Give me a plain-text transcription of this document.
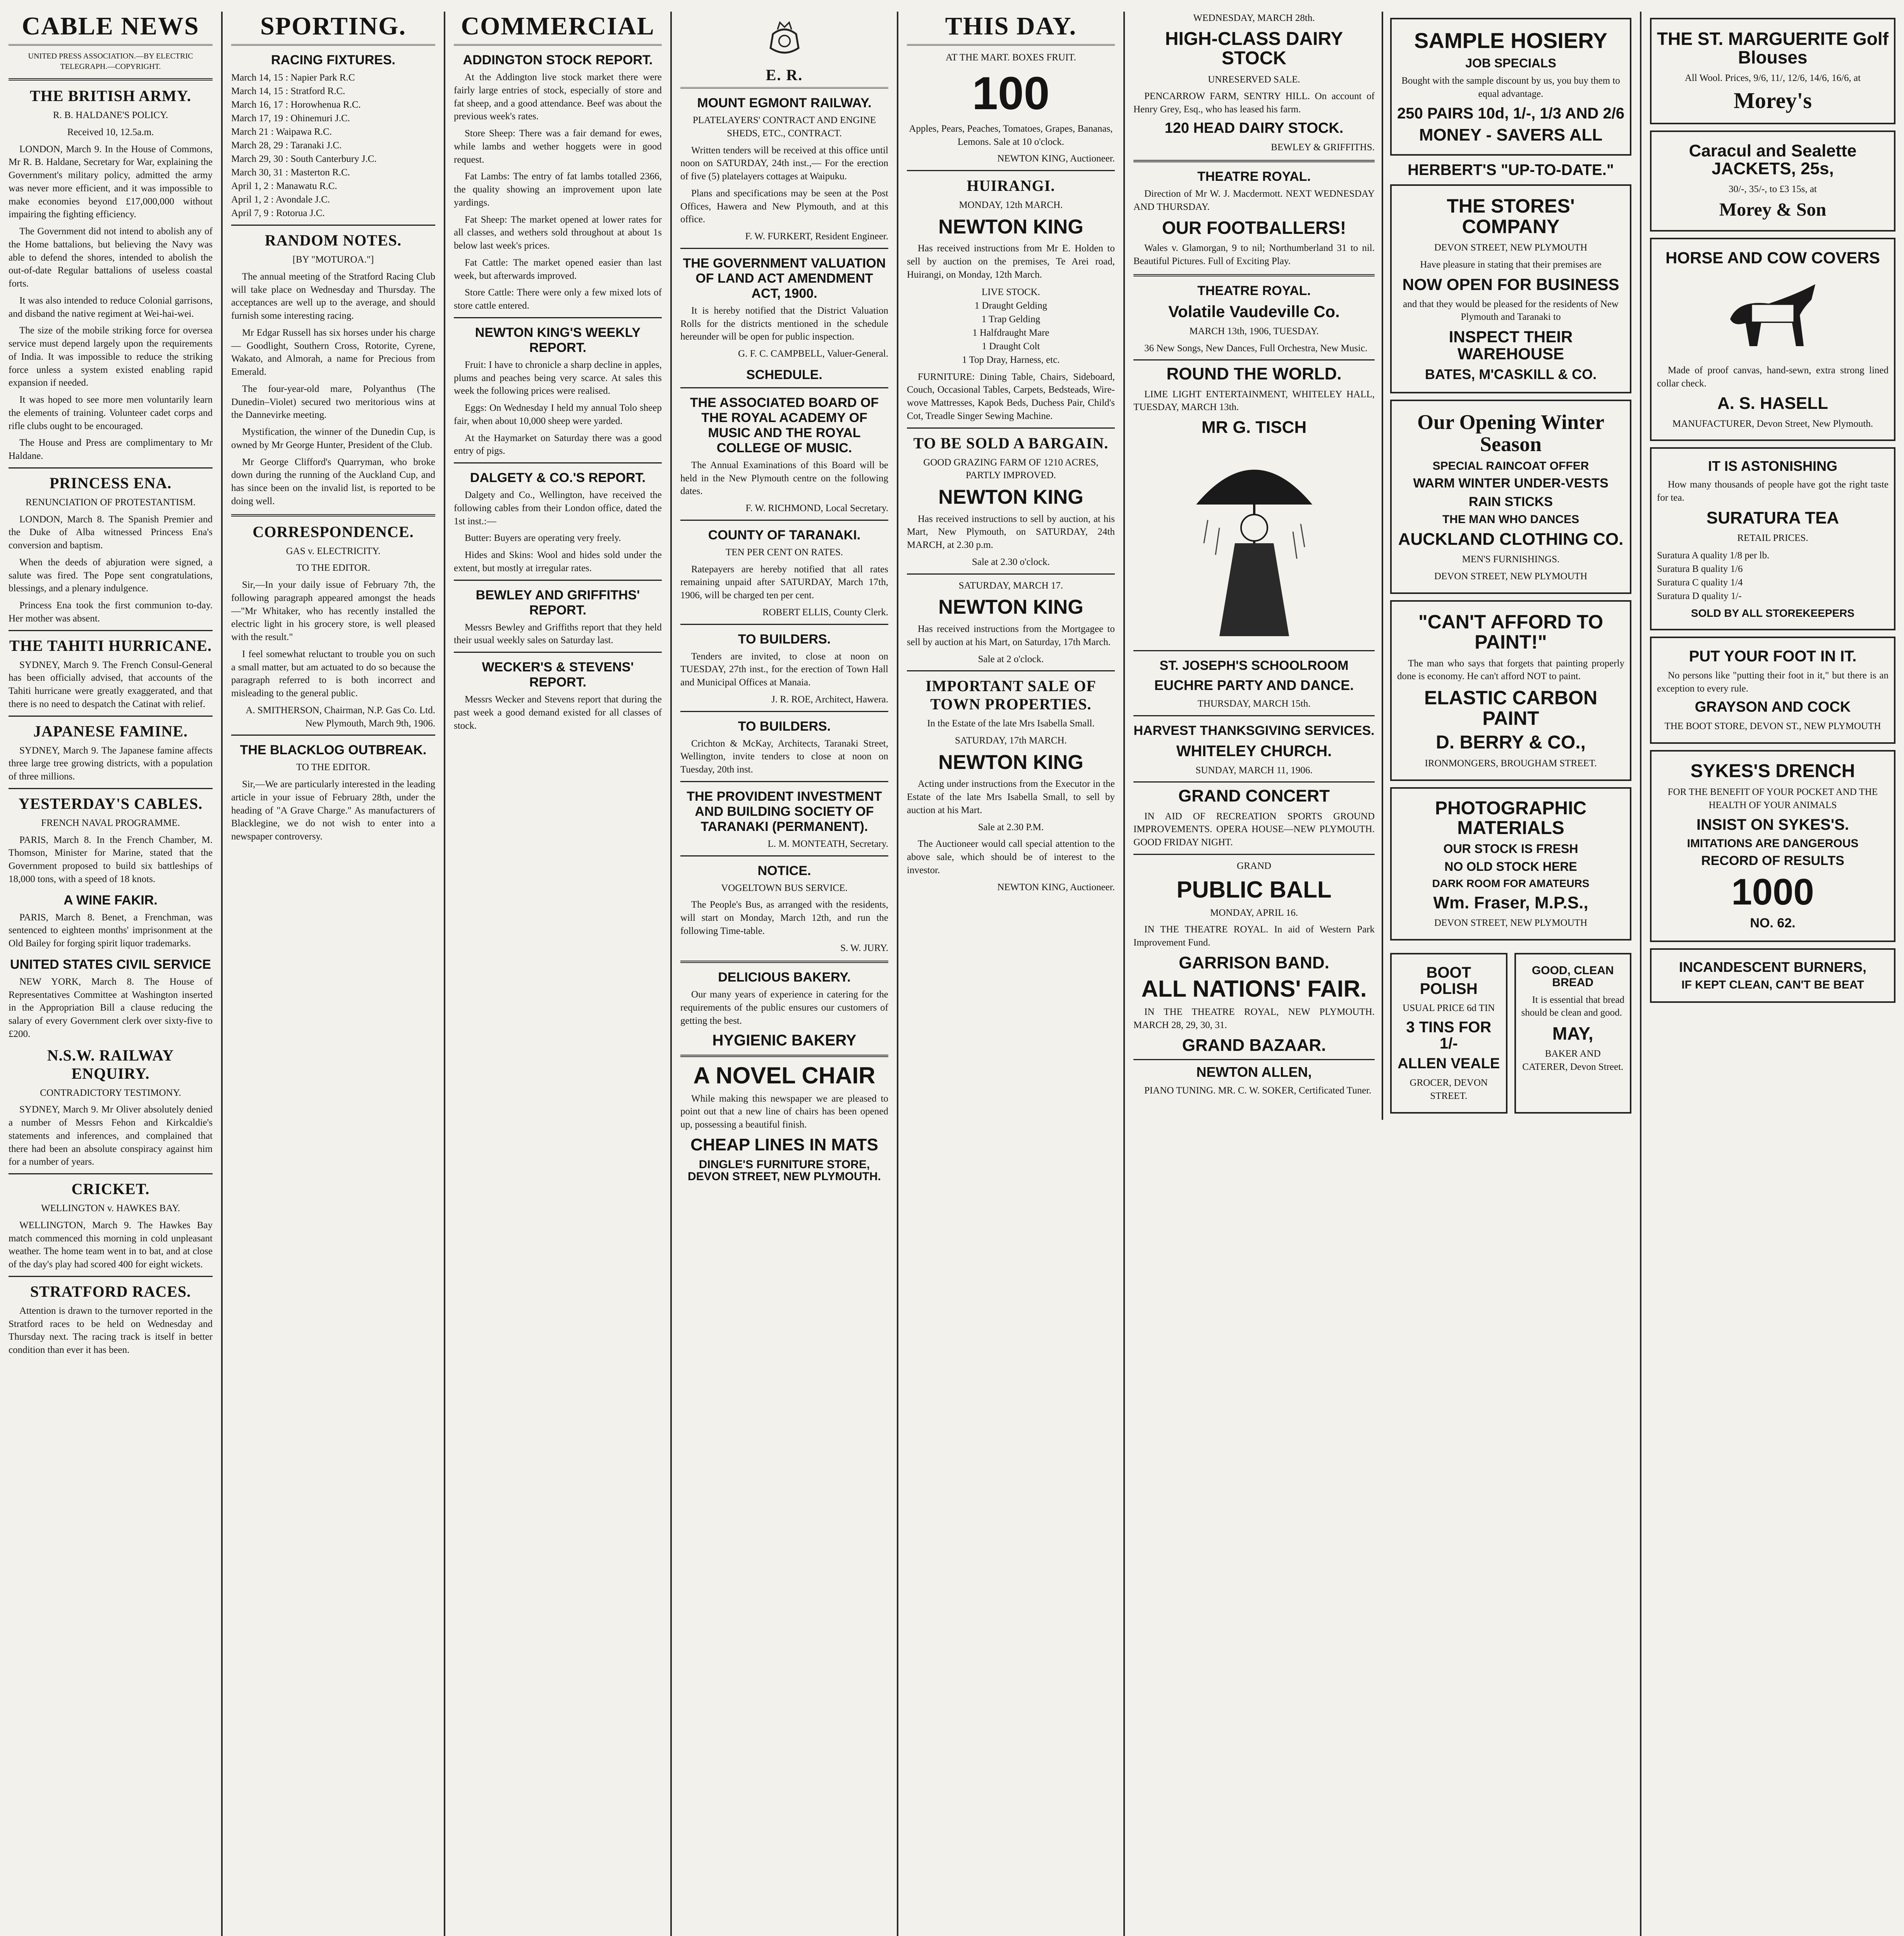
CABLE NEWS

UNITED PRESS ASSOCIATION.—BY ELECTRIC TELEGRAPH.—COPYRIGHT.

THE BRITISH ARMY.

R. B. HALDANE'S POLICY.

Received 10, 12.5a.m.

LONDON, March 9. In the House of Commons, Mr R. B. Haldane, Secretary for War, explaining the Government's military policy, admitted the army was never more efficient, and it was impossible to make economies beyond £17,000,000 without impairing the fighting efficiency.

The Government did not intend to abolish any of the Home battalions, but believing the Navy was able to defend the shores, intended to abolish the out-of-date Regular battalions of useless coastal forts.

It was also intended to reduce Colonial garrisons, and disband the native regiment at Wei-hai-wei.

The size of the mobile striking force for oversea service must depend largely upon the requirements of India. It was impossible to reduce the striking force unless a system existed enabling rapid expansion if needed.

It was hoped to see more men voluntarily learn the elements of training. Volunteer cadet corps and rifle clubs ought to be encouraged.

The House and Press are complimentary to Mr Haldane.

PRINCESS ENA.

RENUNCIATION OF PROTESTANTISM.

LONDON, March 8. The Spanish Premier and the Duke of Alba witnessed Princess Ena's conversion and baptism.

When the deeds of abjuration were signed, a salute was fired. The Pope sent congratulations, blessings, and a plenary indulgence.

Princess Ena took the first communion to-day. Her mother was absent.

THE TAHITI HURRICANE.

SYDNEY, March 9. The French Consul-General has been officially advised, that accounts of the Tahiti hurricane were greatly exaggerated, and that there is no need to despatch the Catinat with relief.

JAPANESE FAMINE.

SYDNEY, March 9. The Japanese famine affects three large tree growing districts, with a population of three millions.

YESTERDAY'S CABLES.

FRENCH NAVAL PROGRAMME.

PARIS, March 8. In the French Chamber, M. Thomson, Minister for Marine, stated that the Government proposed to build six battleships of 18,000 tons, with a speed of 18 knots.

A WINE FAKIR.

PARIS, March 8. Benet, a Frenchman, was sentenced to eighteen months' imprisonment at the Old Bailey for forging spirit liquor trademarks.

UNITED STATES CIVIL SERVICE

NEW YORK, March 8. The House of Representatives Committee at Washington inserted in the Appropriation Bill a clause reducing the salary of every Government clerk over sixty-five to £200.

N.S.W. RAILWAY ENQUIRY.

CONTRADICTORY TESTIMONY.

SYDNEY, March 9. Mr Oliver absolutely denied a number of Messrs Fehon and Kirkcaldie's statements and inferences, and complained that there had been an absolute conspiracy against him for a number of years.

CRICKET.

WELLINGTON v. HAWKES BAY.

WELLINGTON, March 9. The Hawkes Bay match commenced this morning in cold unpleasant weather. The home team went in to bat, and at close of the day's play had scored 400 for eight wickets.

STRATFORD RACES.

Attention is drawn to the turnover reported in the Stratford races to be held on Wednesday and Thursday next. The racing track is itself in better condition than ever it has been.

SPORTING.
RACING FIXTURES.
March 14, 15 : Napier Park R.C
March 14, 15 : Stratford R.C.
March 16, 17 : Horowhenua R.C.
March 17, 19 : Ohinemuri J.C.
March 21 : Waipawa R.C.
March 28, 29 : Taranaki J.C.
March 29, 30 : South Canterbury J.C.
March 30, 31 : Masterton R.C.
April 1, 2 : Manawatu R.C.
April 1, 2 : Avondale J.C.
April 7, 9 : Rotorua J.C.
RANDOM NOTES.

[BY "MOTUROA."]

The annual meeting of the Stratford Racing Club will take place on Wednesday and Thursday. The acceptances are well up to the average, and should furnish some interesting racing.

Mr Edgar Russell has six horses under his charge — Goodlight, Southern Cross, Rotorite, Cyrene, Wakato, and Almorah, a name for Precious from Emerald.

The four-year-old mare, Polyanthus (The Dunedin–Violet) secured two meritorious wins at the Dannevirke meeting.

Mystification, the winner of the Dunedin Cup, is owned by Mr George Hunter, President of the Club.

Mr George Clifford's Quarryman, who broke down during the running of the Auckland Cup, and has since been on the invalid list, is reported to be doing well.

CORRESPONDENCE.

GAS v. ELECTRICITY.

TO THE EDITOR.

Sir,—In your daily issue of February 7th, the following paragraph appeared amongst the heads—"Mr Whitaker, who has recently installed the electric light in his grocery store, is well pleased with the result."

I feel somewhat reluctant to trouble you on such a small matter, but am actuated to do so because the paragraph referred to is both incorrect and misleading to the general public.

A. SMITHERSON, Chairman, N.P. Gas Co. Ltd. New Plymouth, March 9th, 1906.

THE BLACKLOG OUTBREAK.

TO THE EDITOR.

Sir,—We are particularly interested in the leading article in your issue of February 28th, under the heading of "A Grave Charge." As manufacturers of Blacklegine, we do not wish to enter into a newspaper controversy.

COMMERCIAL
ADDINGTON STOCK REPORT.

At the Addington live stock market there were fairly large entries of stock, especially of store and fat sheep, and a good attendance. Beef was about the previous week's rates.

Store Sheep: There was a fair demand for ewes, while lambs and wether hoggets were in good request.

Fat Lambs: The entry of fat lambs totalled 2366, the quality showing an improvement upon late yardings.

Fat Sheep: The market opened at lower rates for all classes, and wethers sold throughout at about 1s below last week's prices.

Fat Cattle: The market opened easier than last week, but afterwards improved.

Store Cattle: There were only a few mixed lots of store cattle entered.

NEWTON KING'S WEEKLY REPORT.

Fruit: I have to chronicle a sharp decline in apples, plums and peaches being very scarce. At sales this week the following prices were realised.

Eggs: On Wednesday I held my annual Tolo sheep fair, when about 10,000 sheep were yarded.

At the Haymarket on Saturday there was a good entry of pigs.

DALGETY & CO.'S REPORT.

Dalgety and Co., Wellington, have received the following cables from their London office, dated the 1st inst.:—

Butter: Buyers are operating very freely.

Hides and Skins: Wool and hides sold under the extent, but mostly at irregular rates.

BEWLEY AND GRIFFITHS' REPORT.

Messrs Bewley and Griffiths report that they held their usual weekly sales on Saturday last.

WECKER'S & STEVENS' REPORT.

Messrs Wecker and Stevens report that during the past week a good demand existed for all classes of stock.

E. R.
MOUNT EGMONT RAILWAY.

PLATELAYERS' CONTRACT AND ENGINE SHEDS, ETC., CONTRACT.

Written tenders will be received at this office until noon on SATURDAY, 24th inst.,— For the erection of five (5) platelayers cottages at Waipuku.

Plans and specifications may be seen at the Post Offices, Hawera and New Plymouth, and at this office.

F. W. FURKERT, Resident Engineer.

THE GOVERNMENT VALUATION OF LAND ACT AMENDMENT ACT, 1900.

It is hereby notified that the District Valuation Rolls for the districts mentioned in the schedule hereunder will be open for public inspection.

G. F. C. CAMPBELL, Valuer-General.

SCHEDULE.
THE ASSOCIATED BOARD OF THE ROYAL ACADEMY OF MUSIC AND THE ROYAL COLLEGE OF MUSIC.

The Annual Examinations of this Board will be held in the New Plymouth centre on the following dates.

F. W. RICHMOND, Local Secretary.

COUNTY OF TARANAKI.

TEN PER CENT ON RATES.

Ratepayers are hereby notified that all rates remaining unpaid after SATURDAY, March 17th, 1906, will be charged ten per cent.

ROBERT ELLIS, County Clerk.

TO BUILDERS.

Tenders are invited, to close at noon on TUESDAY, 27th inst., for the erection of Town Hall and Municipal Offices at Manaia.

J. R. ROE, Architect, Hawera.

TO BUILDERS.

Crichton & McKay, Architects, Taranaki Street, Wellington, invite tenders to close at noon on Tuesday, 20th inst.

THE PROVIDENT INVESTMENT AND BUILDING SOCIETY OF TARANAKI (PERMANENT).

L. M. MONTEATH, Secretary.

NOTICE.

VOGELTOWN BUS SERVICE.

The People's Bus, as arranged with the residents, will start on Monday, March 12th, and run the following Time-table.

S. W. JURY.

DELICIOUS BAKERY.

Our many years of experience in catering for the requirements of the public ensures our customers of getting the best.

HYGIENIC BAKERY
A NOVEL CHAIR

While making this newspaper we are pleased to point out that a new line of chairs has been opened up, possessing a beautiful finish.

CHEAP LINES IN MATS
DINGLE'S FURNITURE STORE, DEVON STREET, NEW PLYMOUTH.
THIS DAY.

AT THE MART. BOXES FRUIT.

100

Apples, Pears, Peaches, Tomatoes, Grapes, Bananas, Lemons. Sale at 10 o'clock.

NEWTON KING, Auctioneer.

HUIRANGI.

MONDAY, 12th MARCH.

NEWTON KING

Has received instructions from Mr E. Holden to sell by auction on the premises, Te Arei road, Huirangi, on Monday, 12th March.

LIVE STOCK.
1 Draught Gelding
1 Trap Gelding
1 Halfdraught Mare
1 Draught Colt
1 Top Dray, Harness, etc.

FURNITURE: Dining Table, Chairs, Sideboard, Couch, Occasional Tables, Carpets, Bedsteads, Wire-wove Mattresses, Kapok Beds, Duchess Pair, Child's Cot, Treadle Singer Sewing Machine.

TO BE SOLD A BARGAIN.

GOOD GRAZING FARM OF 1210 ACRES, PARTLY IMPROVED.

NEWTON KING

Has received instructions to sell by auction, at his Mart, New Plymouth, on SATURDAY, 24th MARCH, at 2.30 p.m.

Sale at 2.30 o'clock.

SATURDAY, MARCH 17.

NEWTON KING

Has received instructions from the Mortgagee to sell by auction at his Mart, on Saturday, 17th March.

Sale at 2 o'clock.

IMPORTANT SALE OF TOWN PROPERTIES.

In the Estate of the late Mrs Isabella Small.

SATURDAY, 17th MARCH.

NEWTON KING

Acting under instructions from the Executor in the Estate of the late Mrs Isabella Small, to sell by auction at his Mart.

Sale at 2.30 P.M.

The Auctioneer would call special attention to the above sale, which should be of interest to the investor.

NEWTON KING, Auctioneer.

WEDNESDAY, MARCH 28th.

HIGH-CLASS DAIRY STOCK

UNRESERVED SALE.

PENCARROW FARM, SENTRY HILL. On account of Henry Grey, Esq., who has leased his farm.

120 HEAD DAIRY STOCK.

BEWLEY & GRIFFITHS.

THEATRE ROYAL.

Direction of Mr W. J. Macdermott. NEXT WEDNESDAY AND THURSDAY.

OUR FOOTBALLERS!

Wales v. Glamorgan, 9 to nil; Northumberland 31 to nil. Beautiful Pictures. Full of Exciting Play.

THEATRE ROYAL.
Volatile Vaudeville Co.

MARCH 13th, 1906, TUESDAY.

36 New Songs, New Dances, Full Orchestra, New Music.

ROUND THE WORLD.

LIME LIGHT ENTERTAINMENT, WHITELEY HALL, TUESDAY, MARCH 13th.

MR G. TISCH
ST. JOSEPH'S SCHOOLROOM
EUCHRE PARTY AND DANCE.

THURSDAY, MARCH 15th.

HARVEST THANKSGIVING SERVICES.
WHITELEY CHURCH.

SUNDAY, MARCH 11, 1906.

GRAND CONCERT

IN AID OF RECREATION SPORTS GROUND IMPROVEMENTS. OPERA HOUSE—NEW PLYMOUTH. GOOD FRIDAY NIGHT.

GRAND

PUBLIC BALL

MONDAY, APRIL 16.

IN THE THEATRE ROYAL. In aid of Western Park Improvement Fund.

GARRISON BAND.
ALL NATIONS' FAIR.

IN THE THEATRE ROYAL, NEW PLYMOUTH. MARCH 28, 29, 30, 31.

GRAND BAZAAR.
NEWTON ALLEN,

PIANO TUNING. MR. C. W. SOKER, Certificated Tuner.

SAMPLE HOSIERY
JOB SPECIALS

Bought with the sample discount by us, you buy them to equal advantage.

250 PAIRS 10d, 1/-, 1/3 AND 2/6
MONEY - SAVERS ALL
HERBERT'S "UP-TO-DATE."
THE STORES' COMPANY

DEVON STREET, NEW PLYMOUTH

Have pleasure in stating that their premises are

NOW OPEN FOR BUSINESS

and that they would be pleased for the residents of New Plymouth and Taranaki to

INSPECT THEIR WAREHOUSE
BATES, M'CASKILL & CO.
Our Opening Winter Season
SPECIAL RAINCOAT OFFER
WARM WINTER UNDER-VESTS
RAIN STICKS
THE MAN WHO DANCES
AUCKLAND CLOTHING CO.

MEN'S FURNISHINGS.

DEVON STREET, NEW PLYMOUTH

"CAN'T AFFORD TO PAINT!"

The man who says that forgets that painting properly done is economy. He can't afford NOT to paint.

ELASTIC CARBON PAINT
D. BERRY & CO.,

IRONMONGERS, BROUGHAM STREET.

PHOTOGRAPHIC MATERIALS
OUR STOCK IS FRESH
NO OLD STOCK HERE
DARK ROOM FOR AMATEURS
Wm. Fraser, M.P.S.,

DEVON STREET, NEW PLYMOUTH

BOOT POLISH

USUAL PRICE 6d TIN

3 TINS FOR 1/-
ALLEN VEALE

GROCER, DEVON STREET.

GOOD, CLEAN BREAD

It is essential that bread should be clean and good.

MAY,

BAKER AND CATERER, Devon Street.

THE ST. MARGUERITE Golf Blouses

All Wool. Prices, 9/6, 11/, 12/6, 14/6, 16/6, at

Morey's
Caracul and Sealette JACKETS, 25s,

30/-, 35/-, to £3 15s, at

Morey & Son
HORSE AND COW COVERS

Made of proof canvas, hand-sewn, extra strong lined collar check.

A. S. HASELL

MANUFACTURER, Devon Street, New Plymouth.

IT IS ASTONISHING

How many thousands of people have got the right taste for tea.

SURATURA TEA

RETAIL PRICES.

Suratura A quality 1/8 per lb.
Suratura B quality 1/6
Suratura C quality 1/4
Suratura D quality 1/-
SOLD BY ALL STOREKEEPERS
PUT YOUR FOOT IN IT.

No persons like "putting their foot in it," but there is an exception to every rule.

GRAYSON AND COCK

THE BOOT STORE, DEVON ST., NEW PLYMOUTH

SYKES'S DRENCH

FOR THE BENEFIT OF YOUR POCKET AND THE HEALTH OF YOUR ANIMALS

INSIST ON SYKES'S.
IMITATIONS ARE DANGEROUS
RECORD OF RESULTS
1000
NO. 62.
INCANDESCENT BURNERS,
IF KEPT CLEAN, CAN'T BE BEAT
